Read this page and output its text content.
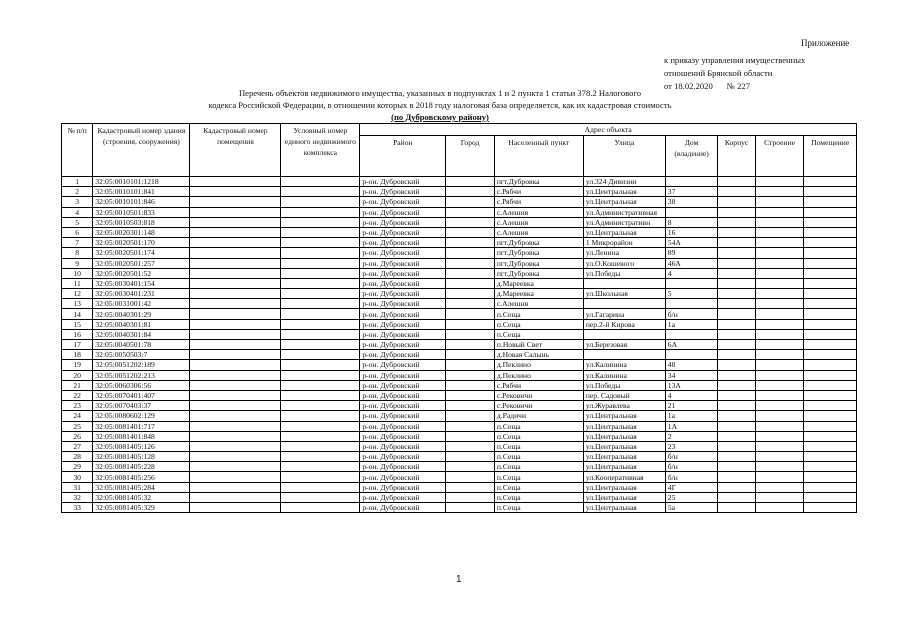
Приложение
к приказу управления имущественных
отношений Брянской области
от 18.02.2020 № 227
Перечень объектов недвижимого имущества, указанных в подпунктах 1 и 2 пункта 1 статьи 378.2 Налогового
кодекса Российской Федерации, в отношении которых в 2018 году налоговая база определяется, как их кадастровая стоимость
(по Дубровскому району)
№ п/п	Кадастровый номер здания (строения, сооружения)	Кадастровый номер помещения	Условный номер единого недвижимого комплекса	Адрес объекта							
				Район	Город	Населенный пункт	Улица	Дом (владение)	Корпус	Строение	Помещение
1	32:05:0010101:1218			р-он. Дубровский		пгт.Дубровка	ул.324 Дивизии				
2	32:05:0010101:841			р-он. Дубровский		с.Рябчи	ул.Центральная	37			
3	32:05:0010101:846			р-он. Дубровский		с.Рябчи	ул.Центральная	38			
4	32:05:0010501:833			р-он. Дубровский		с.Алешня	ул.Административная				
5	32:05:0010503:818			р-он. Дубровский		с.Алешня	ул.Административн	8			
6	32:05:0020301:148			р-он. Дубровский		с.Алешня	ул.Центральная	16			
7	32:05:0020501:170			р-он. Дубровский		пгт.Дубровка	1 Микрорайон	54А			
8	32:05:0020501:174			р-он. Дубровский		пгт.Дубровка	ул.Ленина	89			
9	32:05:0020501:257			р-он. Дубровский		пгт.Дубровка	ул.О.Кошевого	46А			
10	32:05:0020501:52			р-он. Дубровский		пгт.Дубровка	ул.Победы	4			
11	32:05:0030401:154			р-он. Дубровский		д.Мареевка					
12	32:05:0030401:231			р-он. Дубровский		д.Мареевка	ул.Школьная	5			
13	32:05:0031001:42			р-он. Дубровский		с.Алешня					
14	32:05:0040301:29			р-он. Дубровский		п.Сеща	ул.Гагарина	б/н			
15	32:05:0040301:81			р-он. Дубровский		п.Сеща	пер.2-й Кирова	1а			
16	32:05:0040301:84			р-он. Дубровский		п.Сеща					
17	32:05:0040501:78			р-он. Дубровский		п.Новый Свет	ул.Березовая	6А			
18	32:05:0050503:7			р-он. Дубровский		д.Новая Салынь					
19	32:05:0051202:189			р-он. Дубровский		д.Пеклино	ул.Калинина	48			
20	32:05:0051202:213			р-он. Дубровский		д.Пеклино	ул.Калинина	34			
21	32:05:0060306:56			р-он. Дубровский		с.Рябчи	ул.Победы	13А			
22	32:05:0070401:407			р-он. Дубровский		с.Рековичи	пер. Садовый	4			
23	32:05:0070403:37			р-он. Дубровский		с.Рековичи	ул.Журавлева	21			
24	32:05:0080602:129			р-он. Дубровский		д.Радичи	ул.Центральная	1а			
25	32:05:0081401:717			р-он. Дубровский		п.Сеща	ул.Центральная	1А			
26	32:05:0081401:848			р-он. Дубровский		п.Сеща	ул.Центральная	2			
27	32:05:0081405:126			р-он. Дубровский		п.Сеща	ул.Центральная	23			
28	32:05:0081405:128			р-он. Дубровский		п.Сеща	ул.Центральная	б/н			
29	32:05:0081405:228			р-он. Дубровский		п.Сеща	ул.Центральная	б/н			
30	32:05:0081405:256			р-он. Дубровский		п.Сеща	ул.Кооперативная	б/н			
31	32:05:0081405:284			р-он. Дубровский		п.Сеща	ул.Центральная	4Г			
32	32:05:0081405:32			р-он. Дубровский		п.Сеща	ул.Центральная	25			
33	32:05:0081405:329			р-он. Дубровский		п.Сеща	ул.Центральная	5а			
1
